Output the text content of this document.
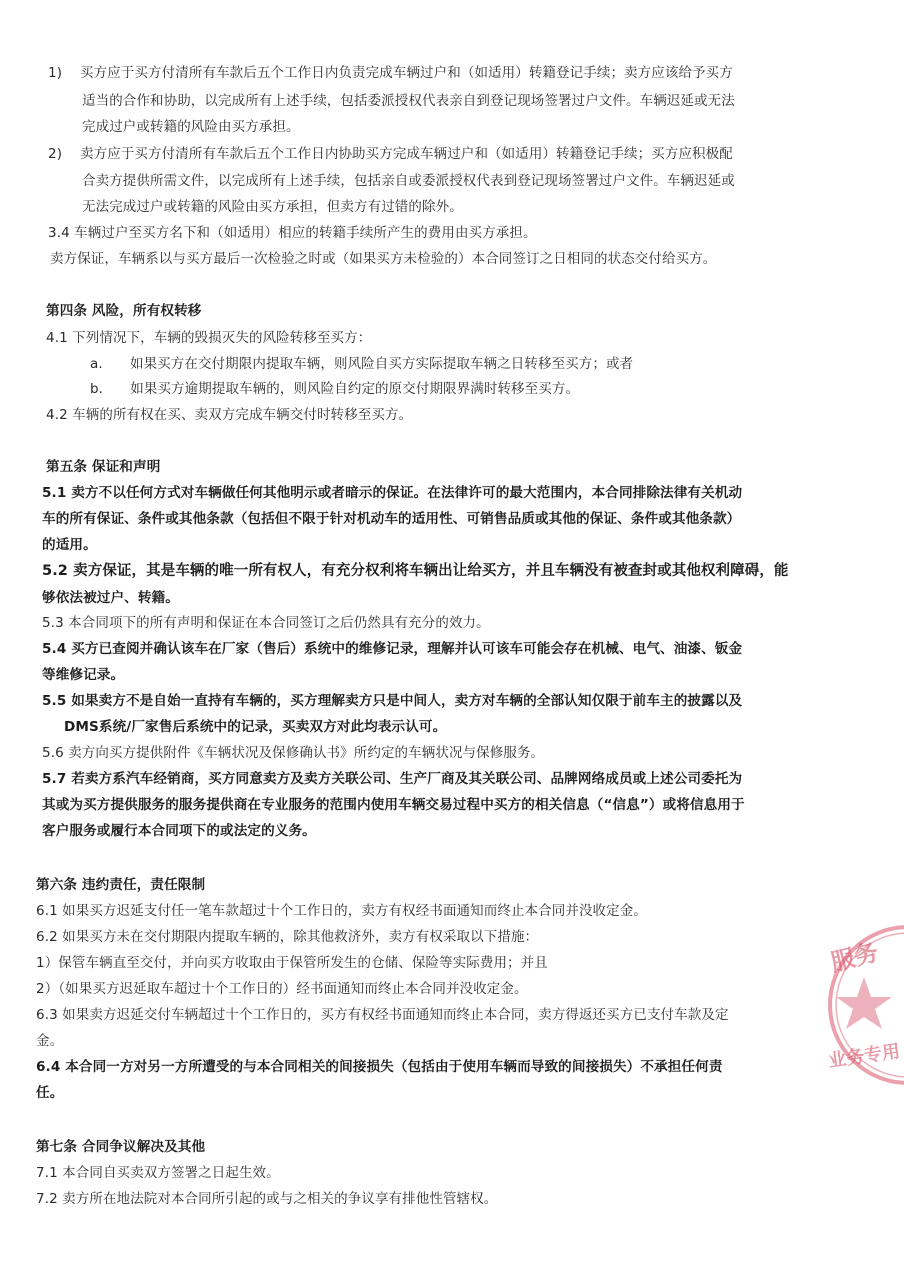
1)　 买方应于买方付清所有车款后五个工作日内负责完成车辆过户和（如适用）转籍登记手续；卖方应该给予买方
适当的合作和协助，以完成所有上述手续，包括委派授权代表亲自到登记现场签署过户文件。车辆迟延或无法
完成过户或转籍的风险由买方承担。
2)　 卖方应于买方付清所有车款后五个工作日内协助买方完成车辆过户和（如适用）转籍登记手续；买方应积极配
合卖方提供所需文件，以完成所有上述手续，包括亲自或委派授权代表到登记现场签署过户文件。车辆迟延或
无法完成过户或转籍的风险由买方承担，但卖方有过错的除外。
3.4 车辆过户至买方名下和（如适用）相应的转籍手续所产生的费用由买方承担。
卖方保证，车辆系以与买方最后一次检验之时或（如果买方未检验的）本合同签订之日相同的状态交付给买方。
第四条 风险，所有权转移
4.1 下列情况下，车辆的毁损灭失的风险转移至买方：
a.　　如果买方在交付期限内提取车辆，则风险自买方实际提取车辆之日转移至买方；或者
b.　　如果买方逾期提取车辆的，则风险自约定的原交付期限界满时转移至买方。
4.2 车辆的所有权在买、卖双方完成车辆交付时转移至买方。
第五条 保证和声明
5.1 卖方不以任何方式对车辆做任何其他明示或者暗示的保证。在法律许可的最大范围内，本合同排除法律有关机动
车的所有保证、条件或其他条款（包括但不限于针对机动车的适用性、可销售品质或其他的保证、条件或其他条款）
的适用。
5.2 卖方保证，其是车辆的唯一所有权人，有充分权利将车辆出让给买方，并且车辆没有被查封或其他权利障碍，能
够依法被过户、转籍。
5.3 本合同项下的所有声明和保证在本合同签订之后仍然具有充分的效力。
5.4 买方已查阅并确认该车在厂家（售后）系统中的维修记录，理解并认可该车可能会存在机械、电气、油漆、钣金
等维修记录。
5.5 如果卖方不是自始一直持有车辆的，买方理解卖方只是中间人，卖方对车辆的全部认知仅限于前车主的披露以及
DMS系统/厂家售后系统中的记录，买卖双方对此均表示认可。
5.6 卖方向买方提供附件《车辆状况及保修确认书》所约定的车辆状况与保修服务。
5.7 若卖方系汽车经销商，买方同意卖方及卖方关联公司、生产厂商及其关联公司、品牌网络成员或上述公司委托为
其或为买方提供服务的服务提供商在专业服务的范围内使用车辆交易过程中买方的相关信息（“信息”）或将信息用于
客户服务或履行本合同项下的或法定的义务。
第六条 违约责任，责任限制
6.1 如果买方迟延支付任一笔车款超过十个工作日的，卖方有权经书面通知而终止本合同并没收定金。
6.2 如果买方未在交付期限内提取车辆的，除其他救济外，卖方有权采取以下措施：
1）保管车辆直至交付，并向买方收取由于保管所发生的仓储、保险等实际费用；并且
2）（如果买方迟延取车超过十个工作日的）经书面通知而终止本合同并没收定金。
6.3 如果卖方迟延交付车辆超过十个工作日的，买方有权经书面通知而终止本合同，卖方得返还买方已支付车款及定
金。
6.4 本合同一方对另一方所遭受的与本合同相关的间接损失（包括由于使用车辆而导致的间接损失）不承担任何责
任。
第七条 合同争议解决及其他
7.1 本合同自买卖双方签署之日起生效。
7.2 卖方所在地法院对本合同所引起的或与之相关的争议享有排他性管辖权。
服务
业务专用
